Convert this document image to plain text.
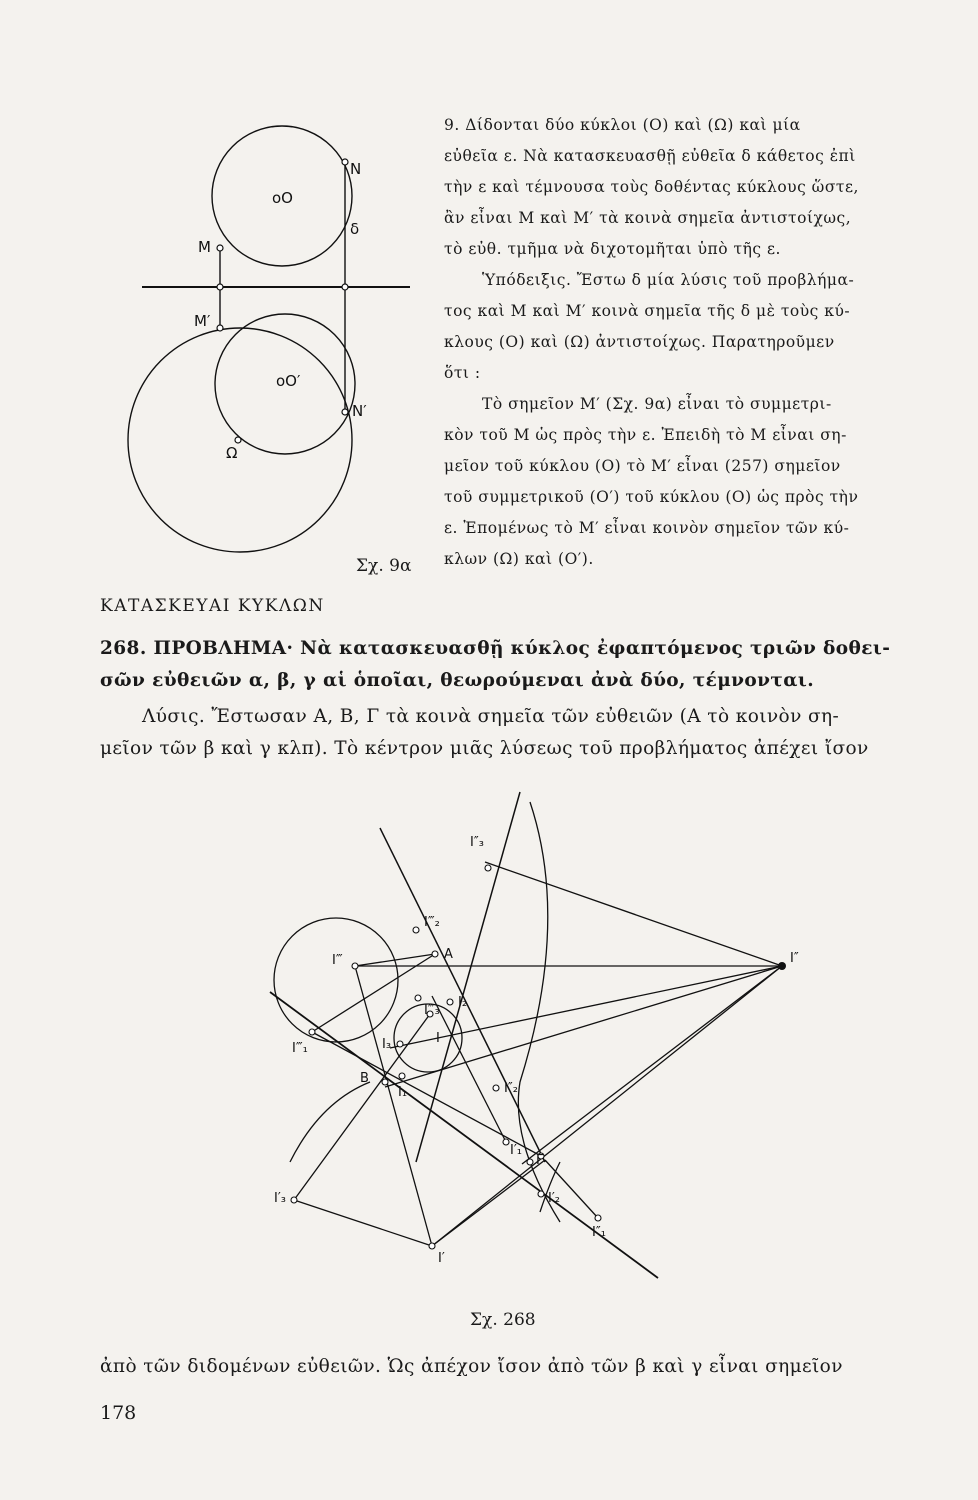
οΟ
N
δ
M
M′
οΟ′
N′
Ω
Σχ. 9α
9. Δίδονται δύο κύκλοι (Ο) καὶ (Ω) καὶ μία
εὐθεῖα ε. Νὰ κατασκευασθῇ εὐθεῖα δ κάθετος ἐπὶ
τὴν ε καὶ τέμνουσα τοὺς δοθέντας κύκλους ὥστε,
ἂν εἶναι Μ καὶ Μ′ τὰ κοινὰ σημεῖα ἀντιστοίχως,
τὸ εὐθ. τμῆμα νὰ διχοτομῆται ὑπὸ τῆς ε.
Ὑπόδειξις. Ἔστω δ μία λύσις τοῦ προβλήμα-
τος καὶ Μ καὶ Μ′ κοινὰ σημεῖα τῆς δ μὲ τοὺς κύ-
κλους (Ο) καὶ (Ω) ἀντιστοίχως. Παρατηροῦμεν
ὅτι :
Τὸ σημεῖον Μ′ (Σχ. 9α) εἶναι τὸ συμμετρι-
κὸν τοῦ Μ ὡς πρὸς τὴν ε. Ἐπειδὴ τὸ Μ εἶναι ση-
μεῖον τοῦ κύκλου (Ο) τὸ Μ′ εἶναι (257) σημεῖον
τοῦ συμμετρικοῦ (Ο′) τοῦ κύκλου (Ο) ὡς πρὸς τὴν
ε. Ἐπομένως τὸ Μ′ εἶναι κοινὸν σημεῖον τῶν κύ-
κλων (Ω) καὶ (Ο′).
ΚΑΤΑΣΚΕΥΑΙ ΚΥΚΛΩΝ
268. ΠΡΟΒΛΗΜΑ· Νὰ κατασκευασθῇ κύκλος ἐφαπτόμενος τριῶν δοθει-
σῶν εὐθειῶν α, β, γ αἱ ὁποῖαι, θεωρούμεναι ἀνὰ δύο, τέμνονται.
Λύσις. Ἔστωσαν Α, Β, Γ τὰ κοινὰ σημεῖα τῶν εὐθειῶν (Α τὸ κοινὸν ση-
μεῖον τῶν β καὶ γ κλπ). Τὸ κέντρον μιᾶς λύσεως τοῦ προβλήματος ἀπέχει ἴσον
A
B
Γ
I
I₁
I₂
I₃
I′
I″
I‴
I′₁
I′₂
I′₃
I″₁
I″₂
I″₃
I‴₁
I‴₂
I‴₃
Σχ. 268
ἀπὸ τῶν διδομένων εὐθειῶν. Ὡς ἀπέχον ἴσον ἀπὸ τῶν β καὶ γ εἶναι σημεῖον
178
